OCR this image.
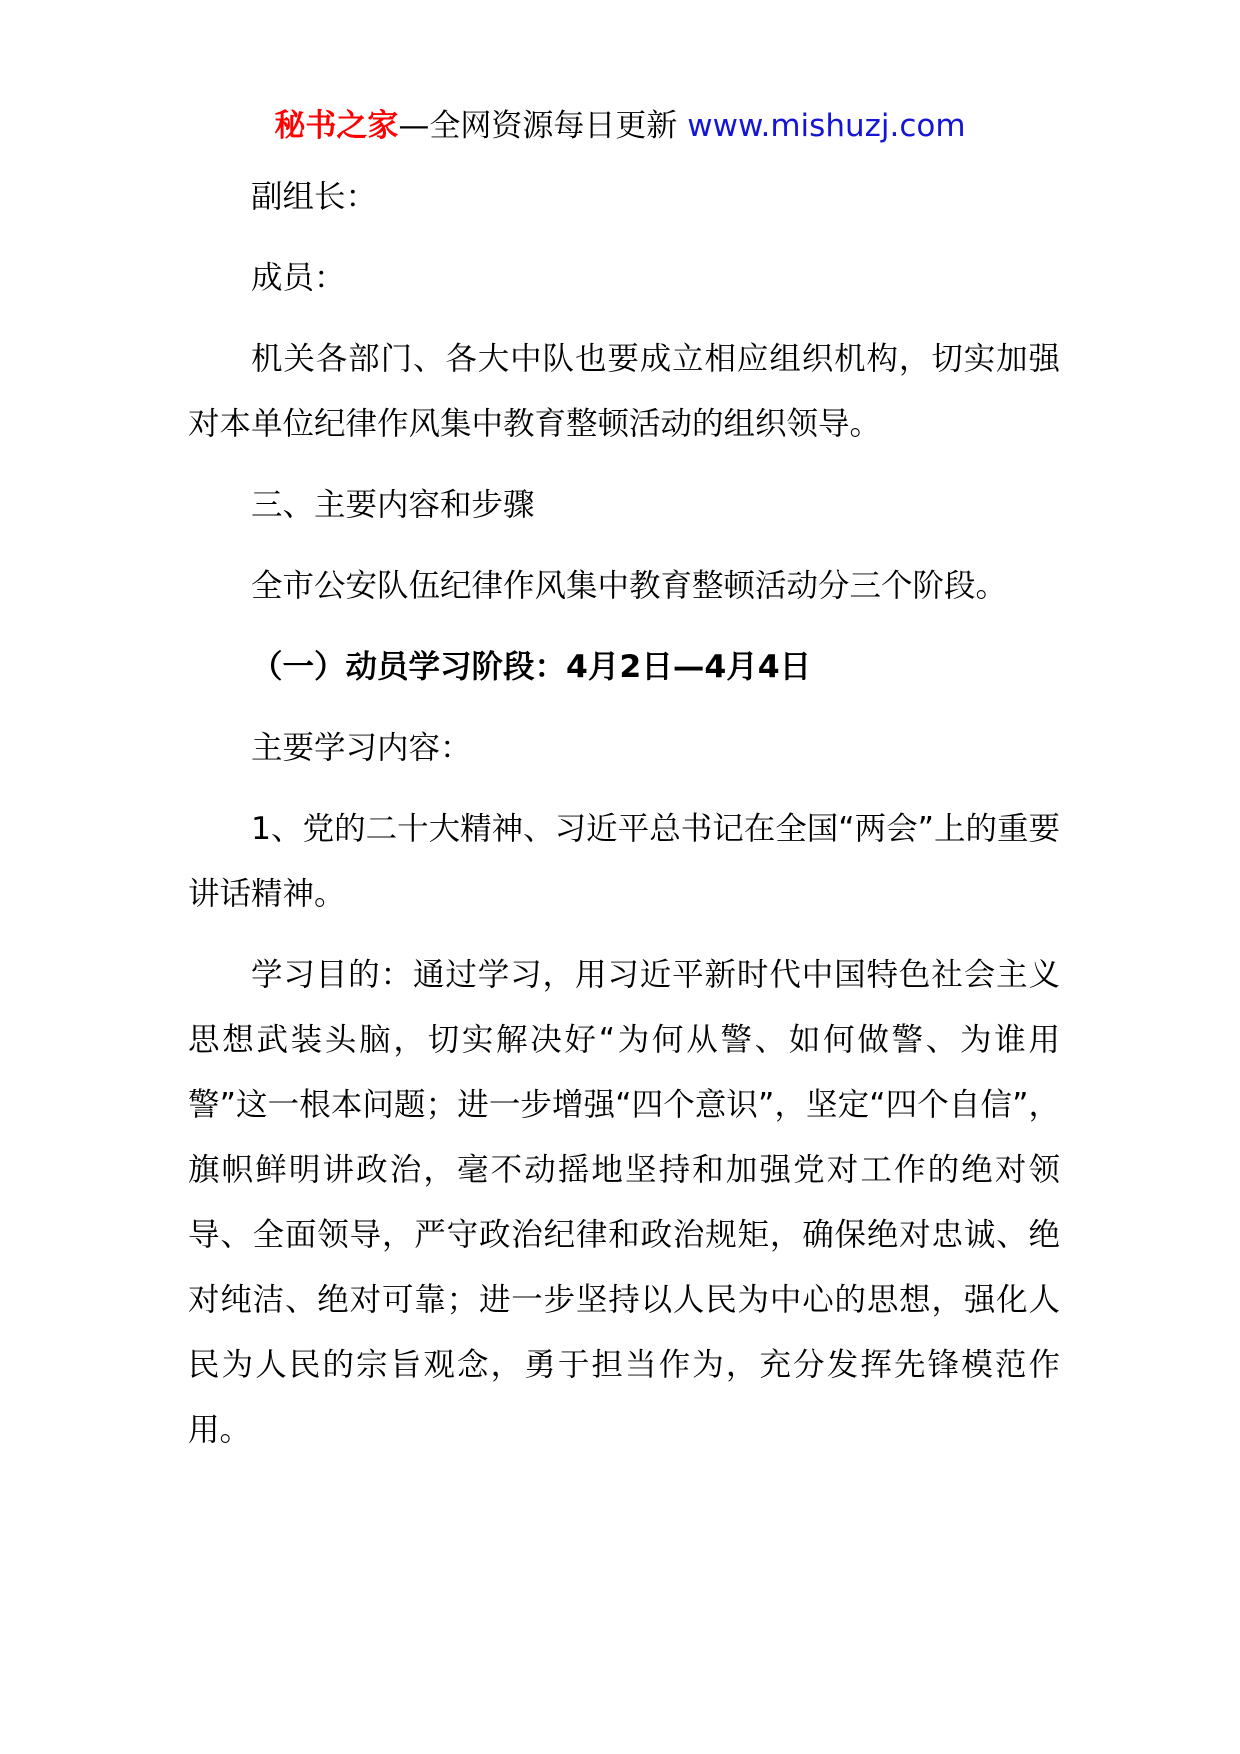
秘书之家—全网资源每日更新 www.mishuzj.com

副组长：

成员：

机关各部门、各大中队也要成立相应组织机构，切实加强对本单位纪律作风集中教育整顿活动的组织领导。

三、主要内容和步骤

全市公安队伍纪律作风集中教育整顿活动分三个阶段。

（一）动员学习阶段：4月2日—4月4日

主要学习内容：

1、党的二十大精神、习近平总书记在全国“两会”上的重要讲话精神。

学习目的：通过学习，用习近平新时代中国特色社会主义思想武装头脑，切实解决好“为何从警、如何做警、为谁用警”这一根本问题；进一步增强“四个意识”，坚定“四个自信”，旗帜鲜明讲政治，毫不动摇地坚持和加强党对工作的绝对领导、全面领导，严守政治纪律和政治规矩，确保绝对忠诚、绝对纯洁、绝对可靠；进一步坚持以人民为中心的思想，强化人民为人民的宗旨观念，勇于担当作为，充分发挥先锋模范作用。
